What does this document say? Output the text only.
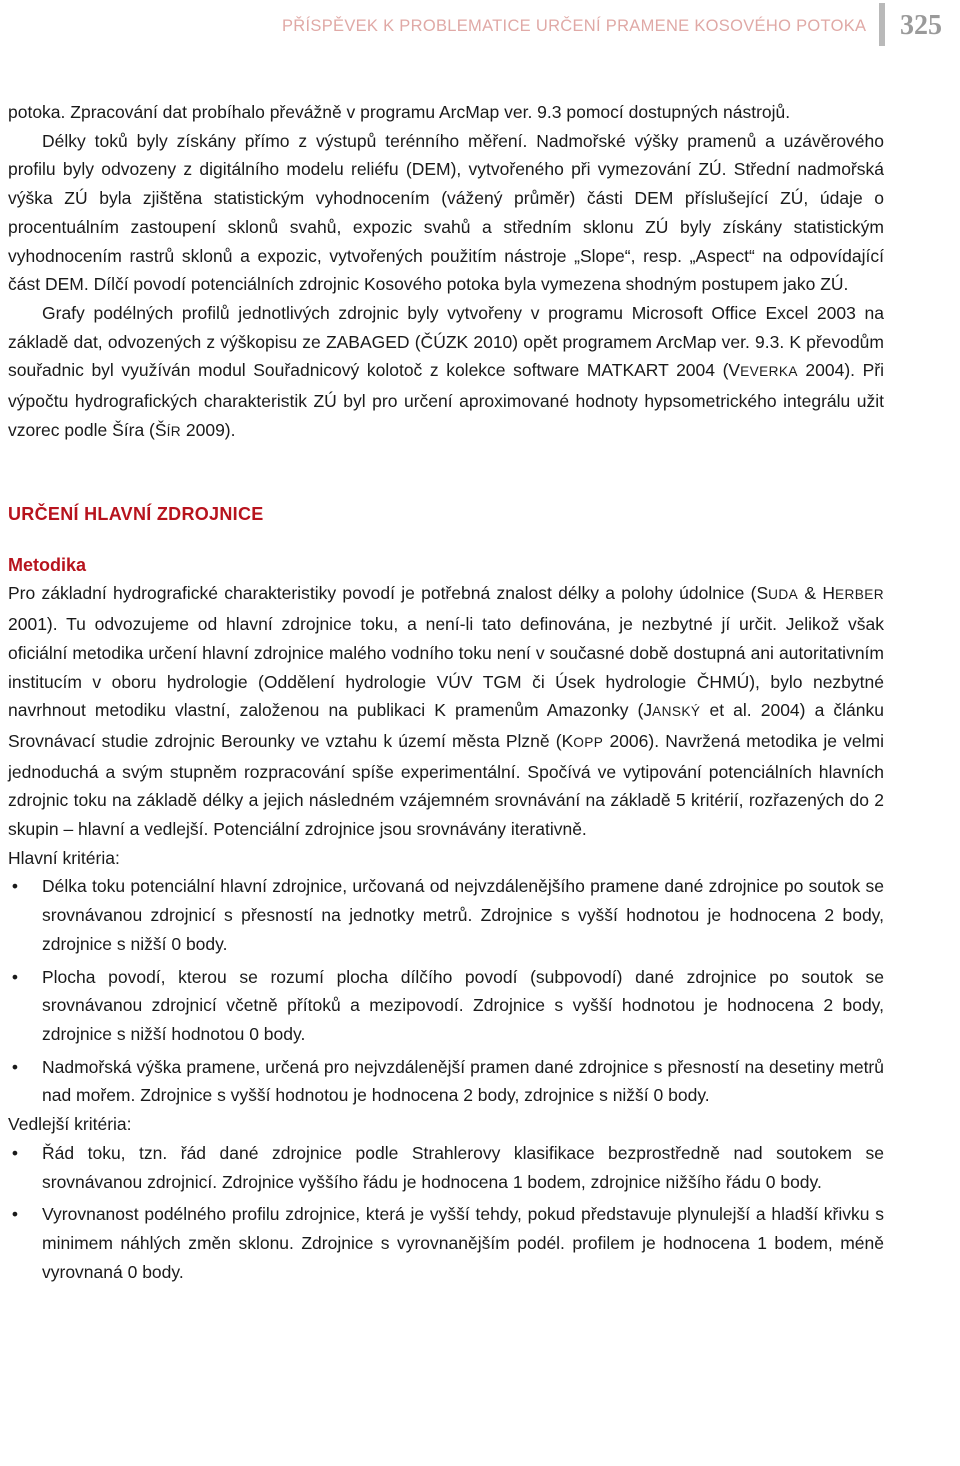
PŘÍSPĚVEK K PROBLEMATICE URČENÍ PRAMENE KOSOVÉHO POTOKA 325

potoka. Zpracování dat probíhalo převážně v programu ArcMap ver. 9.3 pomocí dostupných nástrojů.

Délky toků byly získány přímo z výstupů terénního měření. Nadmořské výšky pramenů a uzávěrového profilu byly odvozeny z digitálního modelu reliéfu (DEM), vytvořeného při vymezování ZÚ. Střední nadmořská výška ZÚ byla zjištěna statistickým vyhodnocením (vážený průměr) části DEM příslušející ZÚ, údaje o procentuálním zastoupení sklonů svahů, expozic svahů a středním sklonu ZÚ byly získány statistickým vyhodnocením rastrů sklonů a expozic, vytvořených použitím nástroje „Slope“, resp. „Aspect“ na odpovídající část DEM. Dílčí povodí potenciálních zdrojnic Kosového potoka byla vymezena shodným postupem jako ZÚ.

Grafy podélných profilů jednotlivých zdrojnic byly vytvořeny v programu Microsoft Office Excel 2003 na základě dat, odvozených z výškopisu ze ZABAGED (ČÚZK 2010) opět programem ArcMap ver. 9.3. K převodům souřadnic byl využíván modul Souřadnicový kolotoč z kolekce software MATKART 2004 (VEVERKA 2004). Při výpočtu hydrografických charakteristik ZÚ byl pro určení aproximované hodnoty hypsometrického integrálu užit vzorec podle Šíra (ŠÍR 2009).

URČENÍ HLAVNÍ ZDROJNICE
Metodika

Pro základní hydrografické charakteristiky povodí je potřebná znalost délky a polohy údolnice (SUDA & HERBER 2001). Tu odvozujeme od hlavní zdrojnice toku, a není-li tato definována, je nezbytné jí určit. Jelikož však oficiální metodika určení hlavní zdrojnice malého vodního toku není v současné době dostupná ani autoritativním institucím v oboru hydrologie (Oddělení hydrologie VÚV TGM či Úsek hydrologie ČHMÚ), bylo nezbytné navrhnout metodiku vlastní, založenou na publikaci K pramenům Amazonky (JANSKÝ et al. 2004) a článku Srovnávací studie zdrojnic Berounky ve vztahu k území města Plzně (KOPP 2006). Navržená metodika je velmi jednoduchá a svým stupněm rozpracování spíše experimentální. Spočívá ve vytipování potenciálních hlavních zdrojnic toku na základě délky a jejich následném vzájemném srovnávání na základě 5 kritérií, rozřazených do 2 skupin – hlavní a vedlejší. Potenciální zdrojnice jsou srovnávány iterativně.

Hlavní kritéria:

• Délka toku potenciální hlavní zdrojnice, určovaná od nejvzdálenějšího pramene dané zdrojnice po soutok se srovnávanou zdrojnicí s přesností na jednotky metrů. Zdrojnice s vyšší hodnotou je hodnocena 2 body, zdrojnice s nižší 0 body.
• Plocha povodí, kterou se rozumí plocha dílčího povodí (subpovodí) dané zdrojnice po soutok se srovnávanou zdrojnicí včetně přítoků a mezipovodí. Zdrojnice s vyšší hodnotou je hodnocena 2 body, zdrojnice s nižší hodnotou 0 body.
• Nadmořská výška pramene, určená pro nejvzdálenější pramen dané zdrojnice s přesností na desetiny metrů nad mořem. Zdrojnice s vyšší hodnotou je hodnocena 2 body, zdrojnice s nižší 0 body.

Vedlejší kritéria:

• Řád toku, tzn. řád dané zdrojnice podle Strahlerovy klasifikace bezprostředně nad soutokem se srovnávanou zdrojnicí. Zdrojnice vyššího řádu je hodnocena 1 bodem, zdrojnice nižšího řádu 0 body.
• Vyrovnanost podélného profilu zdrojnice, která je vyšší tehdy, pokud představuje plynulejší a hladší křivku s minimem náhlých změn sklonu. Zdrojnice s vyrovnanějším podél. profilem je hodnocena 1 bodem, méně vyrovnaná 0 body.
